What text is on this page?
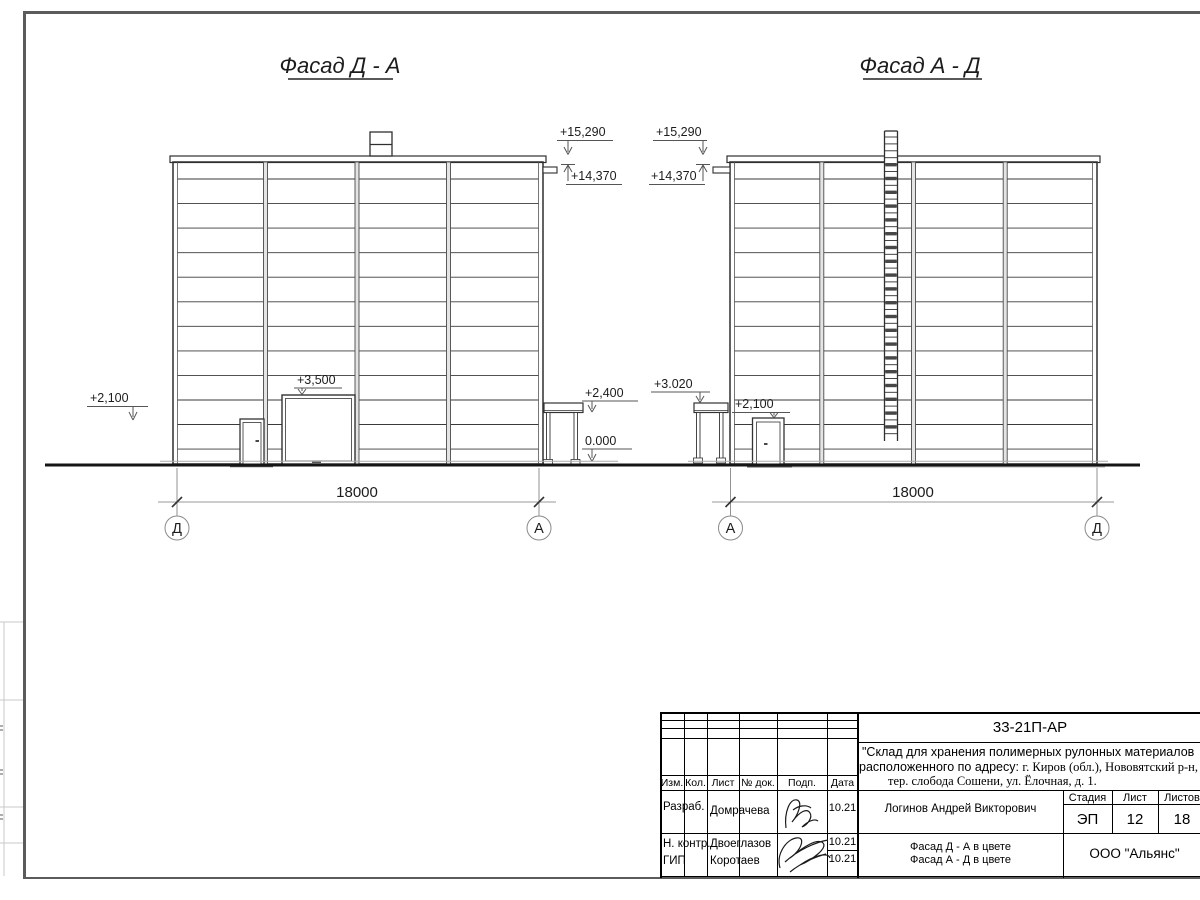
Фасад Д - А
+15,290
+14,370
+2,100
+3,500
+2,400
0.000
18000
Д	А
Фасад А - Д
+15,290
+14,370
+3.020
+2,100
18000
А	Д
Изм. Кол. Лист № док.	Подп.	Дата
Разраб. Домрачева	10.21
Н. контр. Двоеглазов	10.21
ГИП Коротаев	10.21
33-21П-АР
"Склад для хранения полимерных рулонных материалов
расположенного по адресу: г. Киров (обл.), Нововятский р-н,
тер. слобода Сошени, ул. Ёлочная, д. 1.
Логинов Андрей Викторович
Стадия	Лист	Листов
ЭП	12	18
Фасад Д - А в цвете
Фасад А - Д в цвете	ООО "Альянс"
